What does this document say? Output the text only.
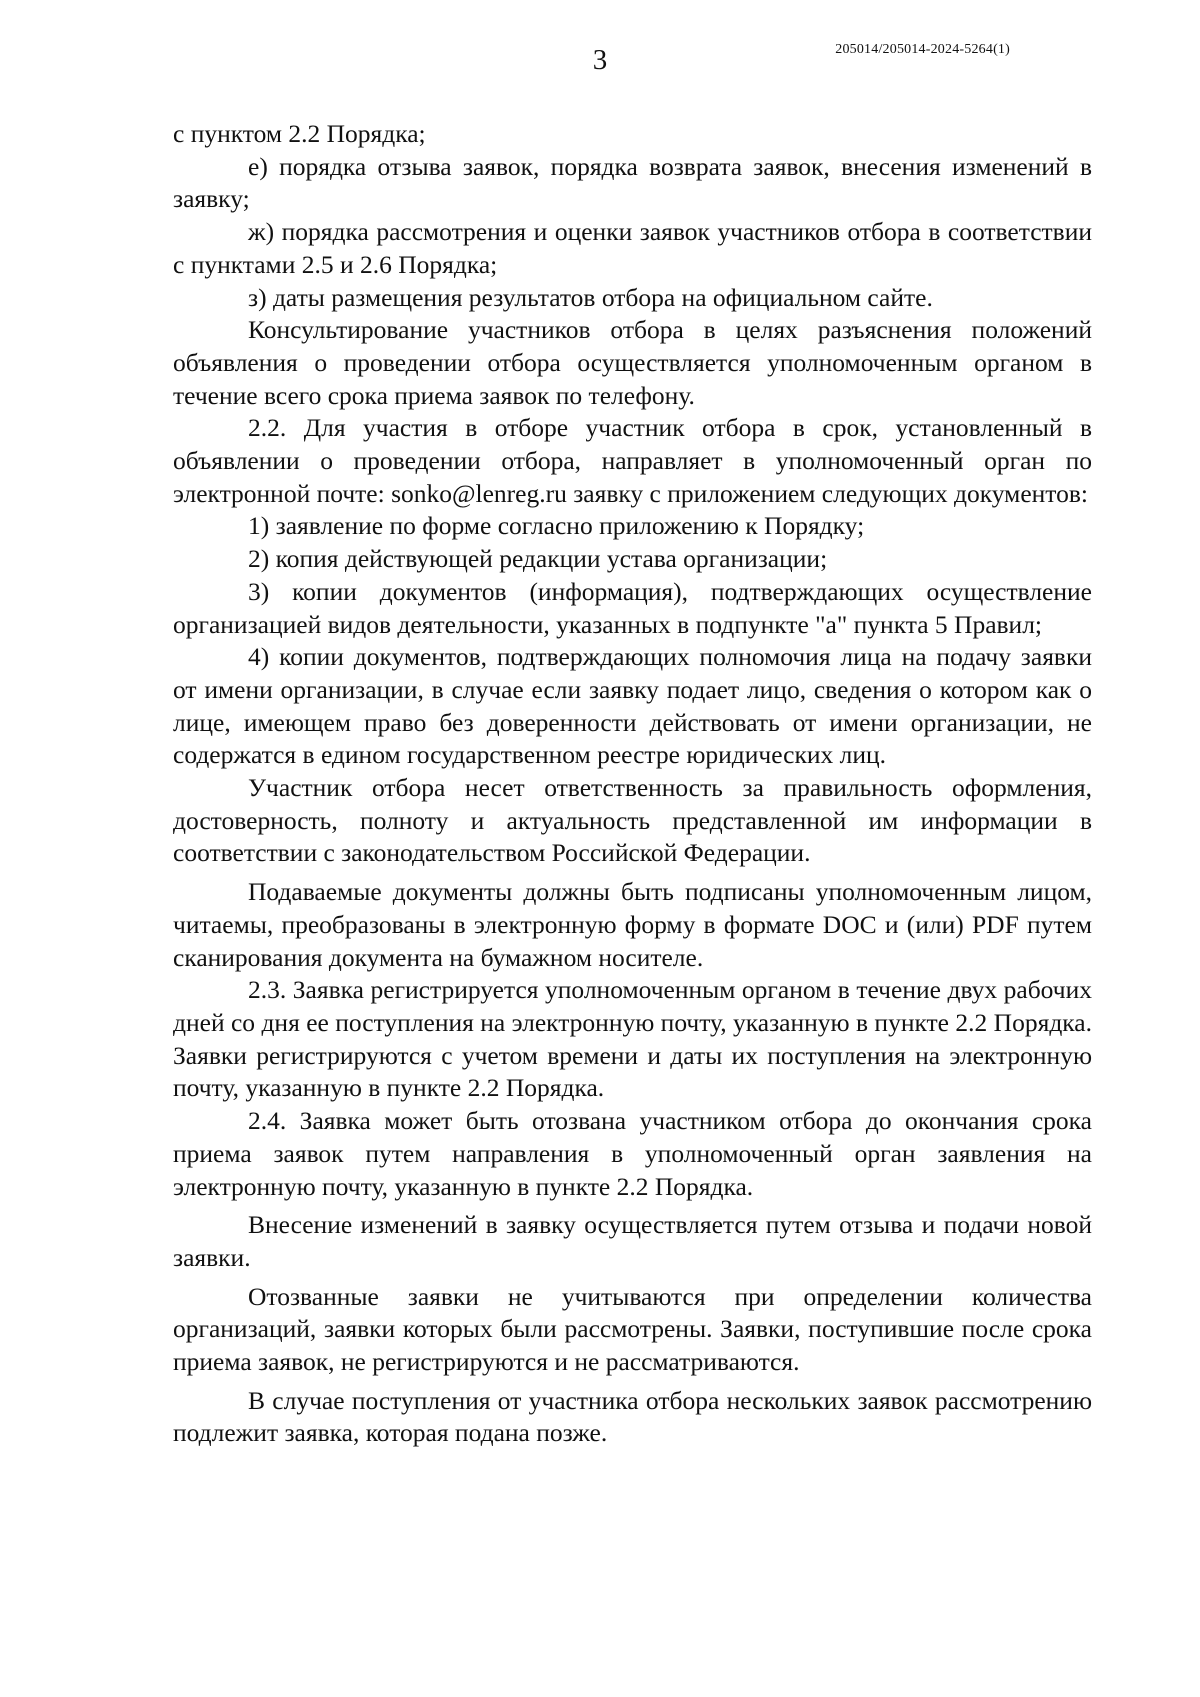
3	205014/205014-2024-5264(1)

с пунктом 2.2 Порядка;

е) порядка отзыва заявок, порядка возврата заявок, внесения изменений в заявку;

ж) порядка рассмотрения и оценки заявок участников отбора в соответствии с пунктами 2.5 и 2.6 Порядка;

з) даты размещения результатов отбора на официальном сайте.

Консультирование участников отбора в целях разъяснения положений объявления о проведении отбора осуществляется уполномоченным органом в течение всего срока приема заявок по телефону.

2.2. Для участия в отборе участник отбора в срок, установленный в объявлении о проведении отбора, направляет в уполномоченный орган по электронной почте: sonko@lenreg.ru заявку с приложением следующих документов:

1) заявление по форме согласно приложению к Порядку;

2) копия действующей редакции устава организации;

3) копии документов (информация), подтверждающих осуществление организацией видов деятельности, указанных в подпункте "а" пункта 5 Правил;

4) копии документов, подтверждающих полномочия лица на подачу заявки от имени организации, в случае если заявку подает лицо, сведения о котором как о лице, имеющем право без доверенности действовать от имени организации, не содержатся в едином государственном реестре юридических лиц.

Участник отбора несет ответственность за правильность оформления, достоверность, полноту и актуальность представленной им информации в соответствии с законодательством Российской Федерации.

Подаваемые документы должны быть подписаны уполномоченным лицом, читаемы, преобразованы в электронную форму в формате DOC и (или) PDF путем сканирования документа на бумажном носителе.

2.3. Заявка регистрируется уполномоченным органом в течение двух рабочих дней со дня ее поступления на электронную почту, указанную в пункте 2.2 Порядка. Заявки регистрируются с учетом времени и даты их поступления на электронную почту, указанную в пункте 2.2 Порядка.

2.4. Заявка может быть отозвана участником отбора до окончания срока приема заявок путем направления в уполномоченный орган заявления на электронную почту, указанную в пункте 2.2 Порядка.

Внесение изменений в заявку осуществляется путем отзыва и подачи новой заявки.

Отозванные заявки не учитываются при определении количества организаций, заявки которых были рассмотрены. Заявки, поступившие после срока приема заявок, не регистрируются и не рассматриваются.

В случае поступления от участника отбора нескольких заявок рассмотрению подлежит заявка, которая подана позже.
